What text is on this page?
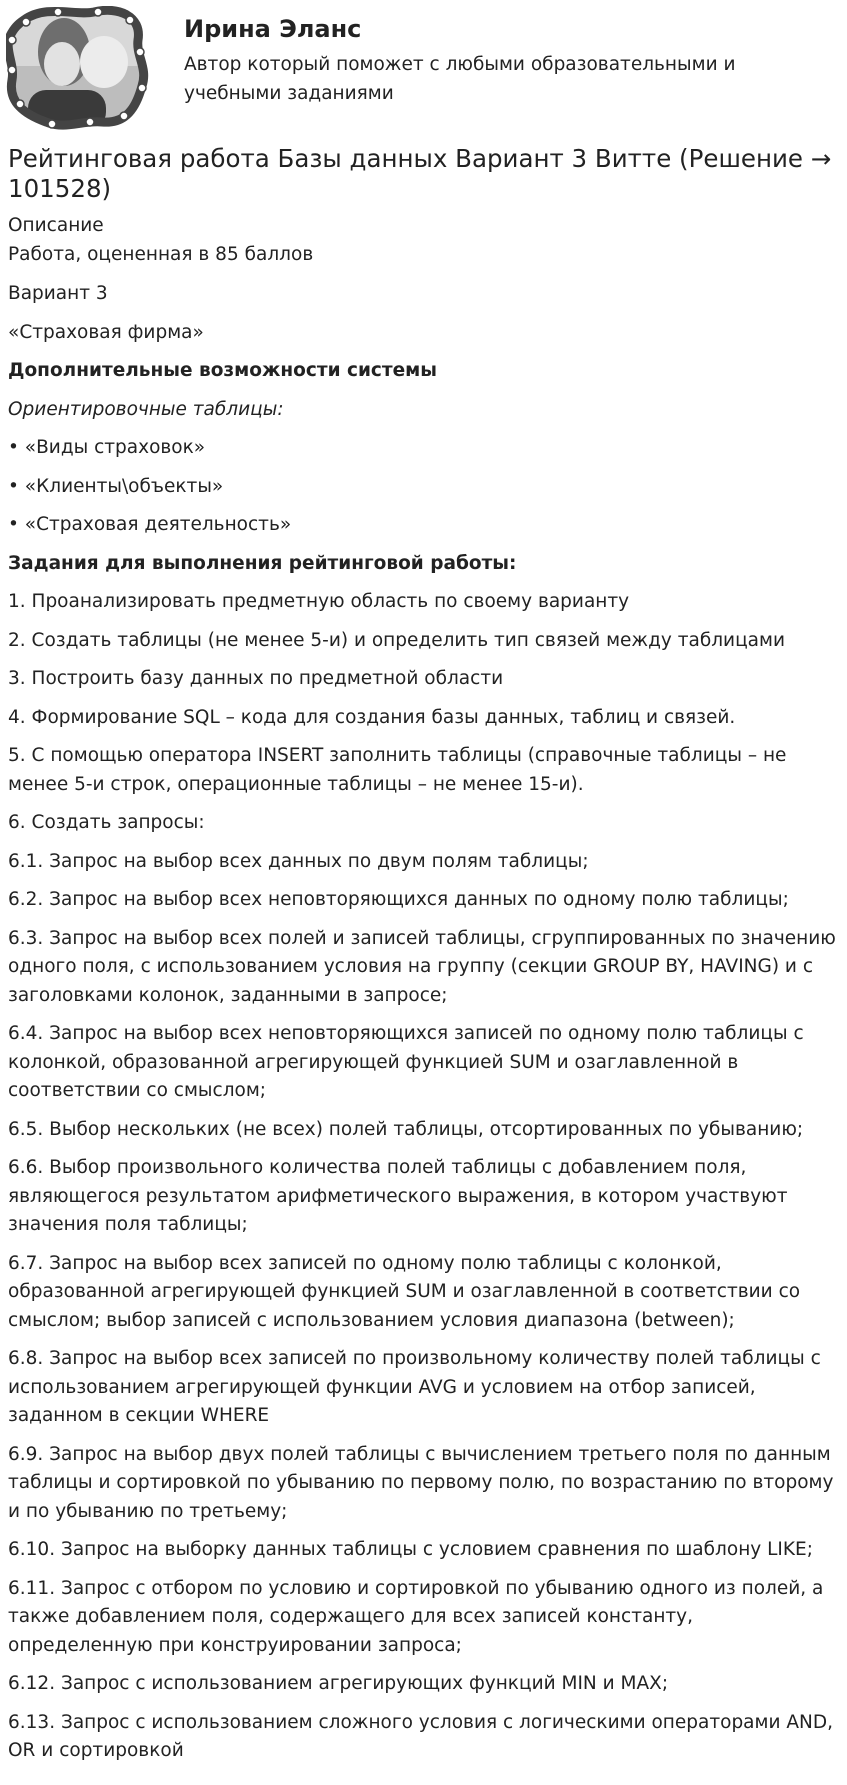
Ирина Эланс
Автор который поможет с любыми образовательными и учебными заданиями
Рейтинговая работа Базы данных Вариант 3 Витте (Решение → 101528)
Описание
Работа, оцененная в 85 баллов
Вариант 3
«Страховая фирма»
Дополнительные возможности системы
Ориентировочные таблицы:
• «Виды страховок»
• «Клиенты\объекты»
• «Страховая деятельность»
Задания для выполнения рейтинговой работы:
1. Проанализировать предметную область по своему варианту
2. Создать таблицы (не менее 5-и) и определить тип связей между таблицами
3. Построить базу данных по предметной области
4. Формирование SQL – кода для создания базы данных, таблиц и связей.
5. С помощью оператора INSERT заполнить таблицы (справочные таблицы – не менее 5-и строк, операционные таблицы – не менее 15-и).
6. Создать запросы:
6.1. Запрос на выбор всех данных по двум полям таблицы;
6.2. Запрос на выбор всех неповторяющихся данных по одному полю таблицы;
6.3. Запрос на выбор всех полей и записей таблицы, сгруппированных по значению одного поля, с использованием условия на группу (секции GROUP BY, HAVING) и с заголовками колонок, заданными в запросе;
6.4. Запрос на выбор всех неповторяющихся записей по одному полю таблицы с колонкой, образованной агрегирующей функцией SUM и озаглавленной в соответствии со смыслом;
6.5. Выбор нескольких (не всех) полей таблицы, отсортированных по убыванию;
6.6. Выбор произвольного количества полей таблицы с добавлением поля, являющегося результатом арифметического выражения, в котором участвуют значения поля таблицы;
6.7. Запрос на выбор всех записей по одному полю таблицы с колонкой, образованной агрегирующей функцией SUM и озаглавленной в соответствии со смыслом; выбор записей с использованием условия диапазона (between);
6.8. Запрос на выбор всех записей по произвольному количеству полей таблицы с использованием агрегирующей функции AVG и условием на отбор записей, заданном в секции WHERE
6.9. Запрос на выбор двух полей таблицы с вычислением третьего поля по данным таблицы и сортировкой по убыванию по первому полю, по возрастанию по второму и по убыванию по третьему;
6.10. Запрос на выборку данных таблицы с условием сравнения по шаблону LIKE;
6.11. Запрос с отбором по условию и сортировкой по убыванию одного из полей, а также добавлением поля, содержащего для всех записей константу, определенную при конструировании запроса;
6.12. Запрос с использованием агрегирующих функций MIN и MAX;
6.13. Запрос с использованием сложного условия с логическими операторами AND, OR и сортировкой
